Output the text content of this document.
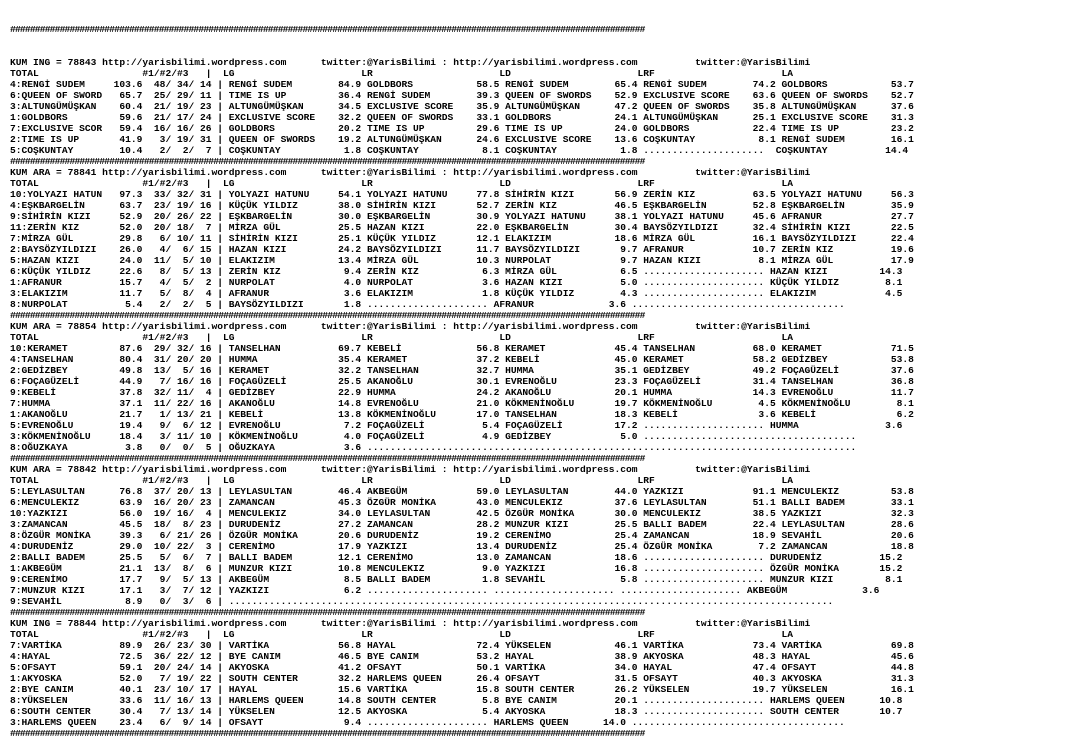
################################################################################################################################

KUM ING = 78843 http://yarisbilimi.wordpress.com      twitter:@YarisBilimi : http://yarisbilimi.wordpress.com          twitter:@YarisBilimi
TOTAL                  #1/#2/#3   |  LG                      LR                      LD                      LRF                      LA
4:RENGİ SUDEM     103.6  48/ 34/ 14 | RENGİ SUDEM        84.9 GOLDBORS           58.5 RENGİ SUDEM        65.4 RENGİ SUDEM        74.2 GOLDBORS           53.7
6:QUEEN OF SWORD   65.7  25/ 29/ 11 | TIME IS UP         36.4 RENGİ SUDEM        39.3 QUEEN OF SWORDS    52.9 EXCLUSIVE SCORE    63.6 QUEEN OF SWORDS    52.7
3:ALTUNGÜMÜŞKAN    60.4  21/ 19/ 23 | ALTUNGÜMÜŞKAN      34.5 EXCLUSIVE SCORE    35.9 ALTUNGÜMÜŞKAN      47.2 QUEEN OF SWORDS    35.8 ALTUNGÜMÜŞKAN      37.6
1:GOLDBORS         59.6  21/ 17/ 24 | EXCLUSIVE SCORE    32.2 QUEEN OF SWORDS    33.1 GOLDBORS           24.1 ALTUNGÜMÜŞKAN      25.1 EXCLUSIVE SCORE    31.3
7:EXCLUSIVE SCOR   59.4  16/ 16/ 26 | GOLDBORS           20.2 TIME IS UP         29.6 TIME IS UP         24.0 GOLDBORS           22.4 TIME IS UP         23.2
2:TIME IS UP       41.9   3/ 19/ 31 | QUEEN OF SWORDS    19.2 ALTUNGÜMÜŞKAN      24.6 EXCLUSIVE SCORE    13.6 COŞKUNTAY           8.1 RENGİ SUDEM        16.1
5:COŞKUNTAY        10.4   2/  2/  7 | COŞKUNTAY           1.8 COŞKUNTAY           8.1 COŞKUNTAY           1.8 .....................  COŞKUNTAY          14.4
################################################################################################################################
KUM ARA = 78841 http://yarisbilimi.wordpress.com      twitter:@YarisBilimi : http://yarisbilimi.wordpress.com          twitter:@YarisBilimi
TOTAL                  #1/#2/#3   |  LG                      LR                      LD                      LRF                      LA
10:YOLYAZI HATUN   97.3  33/ 32/ 31 | YOLYAZI HATUNU     54.1 YOLYAZI HATUNU     77.8 SİHİRİN KIZI       56.9 ZERİN KIZ          63.5 YOLYAZI HATUNU     56.3
4:EŞKBARGELİN      63.7  23/ 19/ 16 | KÜÇÜK YILDIZ       38.0 SİHİRİN KIZI       52.7 ZERİN KIZ          46.5 EŞKBARGELİN        52.8 EŞKBARGELİN        35.9
9:SİHİRİN KIZI     52.9  20/ 26/ 22 | EŞKBARGELİN        30.0 EŞKBARGELİN        30.9 YOLYAZI HATUNU     38.1 YOLYAZI HATUNU     45.6 AFRANUR            27.7
11:ZERİN KIZ       52.0  20/ 18/  7 | MİRZA GÜL          25.5 HAZAN KIZI         22.0 EŞKBARGELİN        30.4 BAYSÖZYILDIZI      32.4 SİHİRİN KIZI       22.5
7:MİRZA GÜL        29.8   6/ 10/ 11 | SİHİRİN KIZI       25.1 KÜÇÜK YILDIZ       12.1 ELAKIZIM           18.6 MİRZA GÜL          16.1 BAYSÖZYILDIZI      22.4
2:BAYSÖZYILDIZI    26.0   4/  6/ 15 | HAZAN KIZI         24.2 BAYSÖZYILDIZI      11.7 BAYSÖZYILDIZI       9.7 AFRANUR            10.7 ZERİN KIZ          19.6
5:HAZAN KIZI       24.0  11/  5/ 10 | ELAKIZIM           13.4 MİRZA GÜL          10.3 NURPOLAT            9.7 HAZAN KIZI          8.1 MİRZA GÜL          17.9
6:KÜÇÜK YILDIZ     22.6   8/  5/ 13 | ZERİN KIZ           9.4 ZERİN KIZ           6.3 MİRZA GÜL           6.5 ..................... HAZAN KIZI         14.3
1:AFRANUR          15.7   4/  5/  2 | NURPOLAT            4.0 NURPOLAT            3.6 HAZAN KIZI          5.0 ..................... KÜÇÜK YILDIZ        8.1
3:ELAKIZIM         11.7   5/  8/  4 | AFRANUR             3.6 ELAKIZIM            1.8 KÜÇÜK YILDIZ        4.3 ..................... ELAKIZIM            4.5
8:NURPOLAT          5.4   2/  2/  5 | BAYSÖZYILDIZI       1.8 ..................... AFRANUR             3.6 .....................................
################################################################################################################################
KUM ARA = 78854 http://yarisbilimi.wordpress.com      twitter:@YarisBilimi : http://yarisbilimi.wordpress.com          twitter:@YarisBilimi
TOTAL                  #1/#2/#3   |  LG                      LR                      LD                      LRF                      LA
10:KERAMET         87.6  29/ 32/ 16 | TANSELHAN          69.7 KEBELİ             56.8 KERAMET            45.4 TANSELHAN          68.0 KERAMET            71.5
4:TANSELHAN        80.4  31/ 20/ 20 | HUMMA              35.4 KERAMET            37.2 KEBELİ             45.0 KERAMET            58.2 GEDİZBEY           53.8
2:GEDİZBEY         49.8  13/  5/ 16 | KERAMET            32.2 TANSELHAN          32.7 HUMMA              35.1 GEDİZBEY           49.2 FOÇAGÜZELİ         37.6
6:FOÇAGÜZELİ       44.9   7/ 16/ 16 | FOÇAGÜZELİ         25.5 AKANOĞLU           30.1 EVRENOĞLU          23.3 FOÇAGÜZELİ         31.4 TANSELHAN          36.8
9:KEBELİ           37.8  32/ 11/  4 | GEDİZBEY           22.9 HUMMA              24.2 AKANOĞLU           20.1 HUMMA              14.3 EVRENOĞLU          11.7
7:HUMMA            37.1  11/ 22/ 16 | AKANOĞLU           14.8 EVRENOĞLU          21.0 KÖKMENİNOĞLU       19.7 KÖKMENİNOĞLU        4.5 KÖKMENİNOĞLU        8.1
1:AKANOĞLU         21.7   1/ 13/ 21 | KEBELİ             13.8 KÖKMENİNOĞLU       17.0 TANSELHAN          18.3 KEBELİ              3.6 KEBELİ              6.2
5:EVRENOĞLU        19.4   9/  6/ 12 | EVRENOĞLU           7.2 FOÇAGÜZELİ          5.4 FOÇAGÜZELİ         17.2 ..................... HUMMA               3.6
3:KÖKMENİNOĞLU     18.4   3/ 11/ 10 | KÖKMENİNOĞLU        4.0 FOÇAGÜZELİ          4.9 GEDİZBEY            5.0 .....................................
8:OĞUZKAYA          3.8   0/  0/  5 | OĞUZKAYA            3.6 .....................................................................................
################################################################################################################################
KUM ARA = 78842 http://yarisbilimi.wordpress.com      twitter:@YarisBilimi : http://yarisbilimi.wordpress.com          twitter:@YarisBilimi
TOTAL                  #1/#2/#3   |  LG                      LR                      LD                      LRF                      LA
5:LEYLASULTAN      76.8  37/ 20/ 13 | LEYLASULTAN        46.4 AKBEGÜM            59.0 LEYLASULTAN        44.0 YAZKIZI            91.1 MENCULEKIZ         53.8
6:MENCULEKIZ       63.9  16/ 20/ 23 | ZAMANCAN           45.3 ÖZGÜR MONİKA       43.0 MENCULEKIZ         37.6 LEYLASULTAN        51.1 BALLI BADEM        33.1
10:YAZKIZI         56.0  19/ 16/  4 | MENCULEKIZ         34.0 LEYLASULTAN        42.5 ÖZGÜR MONİKA       30.0 MENCULEKIZ         38.5 YAZKIZI            32.3
3:ZAMANCAN         45.5  18/  8/ 23 | DURUDENİZ          27.2 ZAMANCAN           28.2 MUNZUR KIZI        25.5 BALLI BADEM        22.4 LEYLASULTAN        28.6
8:ÖZGÜR MONİKA     39.3   6/ 21/ 26 | ÖZGÜR MONİKA       20.6 DURUDENİZ          19.2 CERENİMO           25.4 ZAMANCAN           18.9 SEVAHİL            20.6
4:DURUDENİZ        29.0  10/ 22/  3 | CERENİMO           17.9 YAZKIZI            13.4 DURUDENİZ          25.4 ÖZGÜR MONİKA        7.2 ZAMANCAN           18.8
2:BALLI BADEM      25.5   5/  6/  7 | BALLI BADEM        12.1 CERENİMO           13.0 ZAMANCAN           18.6 ..................... DURUDENİZ          15.2
1:AKBEGÜM          21.1  13/  8/  6 | MUNZUR KIZI        10.8 MENCULEKIZ          9.0 YAZKIZI            16.8 ..................... ÖZGÜR MONİKA       15.2
9:CERENİMO         17.7   9/  5/ 13 | AKBEGÜM             8.5 BALLI BADEM         1.8 SEVAHİL             5.8 ..................... MUNZUR KIZI         8.1
7:MUNZUR KIZI      17.1   3/  7/ 12 | YAZKIZI             6.2 ..................... ..................... ..................... AKBEGÜM             3.6
9:SEVAHİL           8.9   0/  3/  6 | .........................................................................................................
################################################################################################################################
KUM ING = 78844 http://yarisbilimi.wordpress.com      twitter:@YarisBilimi : http://yarisbilimi.wordpress.com          twitter:@YarisBilimi
TOTAL                  #1/#2/#3   |  LG                      LR                      LD                      LRF                      LA
7:VARTİKA          89.9  26/ 23/ 30 | VARTİKA            56.8 HAYAL              72.4 YÜKSELEN           46.1 VARTİKA            73.4 VARTİKA            69.8
4:HAYAL            72.5  36/ 22/ 12 | BYE CANIM          46.5 BYE CANIM          53.2 HAYAL              38.9 AKYOSKA            48.3 HAYAL              45.6
5:OFSAYT           59.1  20/ 24/ 14 | AKYOSKA            41.2 OFSAYT             50.1 VARTİKA            34.0 HAYAL              47.4 OFSAYT             44.8
1:AKYOSKA          52.0   7/ 19/ 22 | SOUTH CENTER       32.2 HARLEMS QUEEN      26.4 OFSAYT             31.5 OFSAYT             40.3 AKYOSKA            31.3
2:BYE CANIM        40.1  23/ 10/ 17 | HAYAL              15.6 VARTİKA            15.8 SOUTH CENTER       26.2 YÜKSELEN           19.7 YÜKSELEN           16.1
8:YÜKSELEN         33.6  11/ 16/ 13 | HARLEMS QUEEN      14.8 SOUTH CENTER        5.8 BYE CANIM          20.1 ..................... HARLEMS QUEEN      10.8
6:SOUTH CENTER     30.4   7/ 13/ 14 | YÜKSELEN           12.5 AKYOSKA             5.4 AKYOSKA            18.3 ..................... SOUTH CENTER       10.7
3:HARLEMS QUEEN    23.4   6/  9/ 14 | OFSAYT              9.4 ..................... HARLEMS QUEEN      14.0 .....................................
################################################################################################################################
